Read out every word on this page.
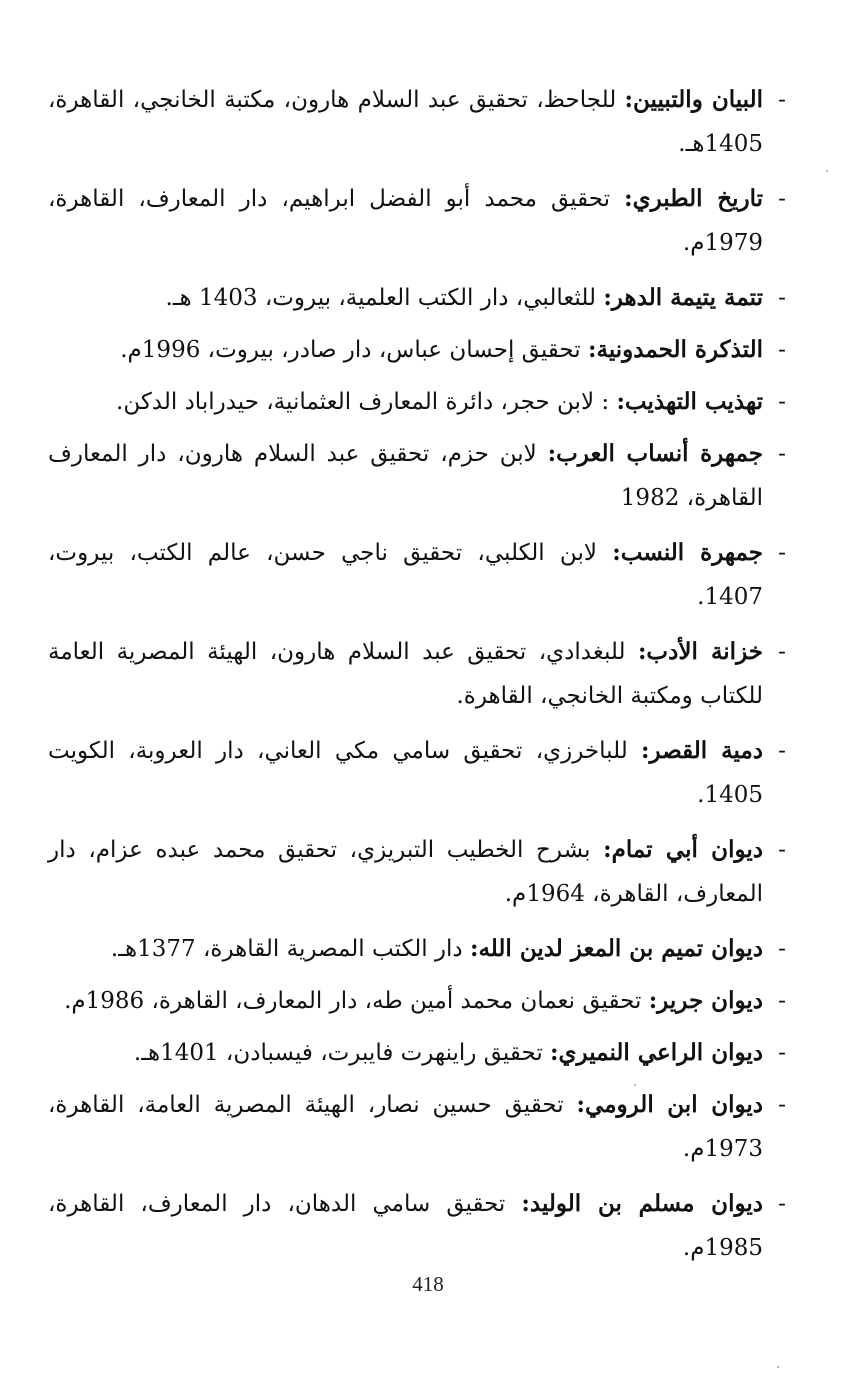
-
البيان والتبيين: للجاحظ، تحقيق عبد السلام هارون، مكتبة الخانجي، القاهرة، 1405هـ.
-
تاريخ الطبري: تحقيق محمد أبو الفضل ابراهيم، دار المعارف، القاهرة، 1979م.
-
تتمة يتيمة الدهر: للثعالبي، دار الكتب العلمية، بيروت، 1403 هـ.
-
التذكرة الحمدونية: تحقيق إحسان عباس، دار صادر، بيروت، 1996م.
-
تهذيب التهذيب: : لابن حجر، دائرة المعارف العثمانية، حيدراباد الدكن.
-
جمهرة أنساب العرب: لابن حزم، تحقيق عبد السلام هارون، دار المعارف القاهرة، 1982
-
جمهرة النسب: لابن الكلبي، تحقيق ناجي حسن، عالم الكتب، بيروت، 1407.
-
خزانة الأدب: للبغدادي، تحقيق عبد السلام هارون، الهيئة المصرية العامة للكتاب ومكتبة الخانجي، القاهرة.
-
دمية القصر: للباخرزي، تحقيق سامي مكي العاني، دار العروبة، الكويت 1405.
-
ديوان أبي تمام: بشرح الخطيب التبريزي، تحقيق محمد عبده عزام، دار المعارف، القاهرة، 1964م.
-
ديوان تميم بن المعز لدين الله: دار الكتب المصرية القاهرة، 1377هـ.
-
ديوان جرير: تحقيق نعمان محمد أمين طه، دار المعارف، القاهرة، 1986م.
-
ديوان الراعي النميري: تحقيق راينهرت فايبرت، فيسبادن، 1401هـ.
-
ديوان ابن الرومي: تحقيق حسين نصار، الهيئة المصرية العامة، القاهرة، 1973م.
-
ديوان مسلم بن الوليد: تحقيق سامي الدهان، دار المعارف، القاهرة، 1985م.
418
